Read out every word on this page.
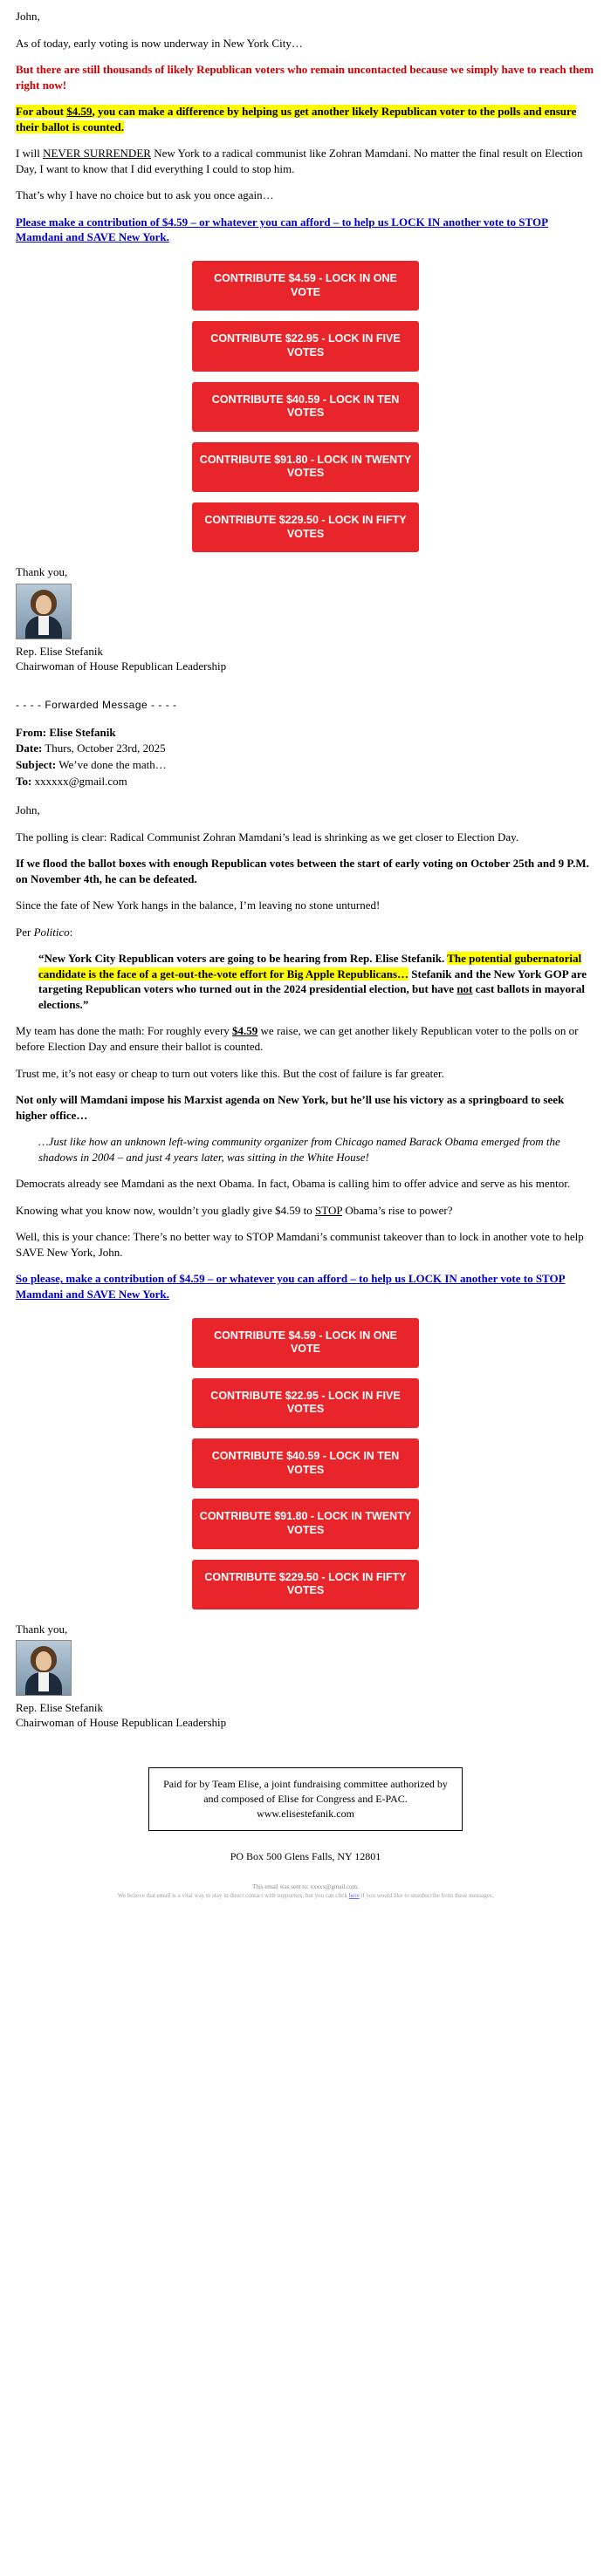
John,

As of today, early voting is now underway in New York City…

But there are still thousands of likely Republican voters who remain uncontacted because we simply have to reach them right now!

For about $4.59, you can make a difference by helping us get another likely Republican voter to the polls and ensure their ballot is counted.

I will NEVER SURRENDER New York to a radical communist like Zohran Mamdani. No matter the final result on Election Day, I want to know that I did everything I could to stop him.

That’s why I have no choice but to ask you once again…

Please make a contribution of $4.59 – or whatever you can afford – to help us LOCK IN another vote to STOP Mamdani and SAVE New York.

CONTRIBUTE $4.59 - LOCK IN ONE VOTE
CONTRIBUTE $22.95 - LOCK IN FIVE VOTES
CONTRIBUTE $40.59 - LOCK IN TEN VOTES
CONTRIBUTE $91.80 - LOCK IN TWENTY VOTES
CONTRIBUTE $229.50 - LOCK IN FIFTY VOTES

Thank you,

Rep. Elise Stefanik
Chairwoman of House Republican Leadership

- - - - Forwarded Message - - - -
From: Elise Stefanik
Date: Thurs, October 23rd, 2025
Subject: We’ve done the math…
To: xxxxxx@gmail.com

John,

The polling is clear: Radical Communist Zohran Mamdani’s lead is shrinking as we get closer to Election Day.

If we flood the ballot boxes with enough Republican votes between the start of early voting on October 25th and 9 P.M. on November 4th, he can be defeated.

Since the fate of New York hangs in the balance, I’m leaving no stone unturned!

Per Politico:

“New York City Republican voters are going to be hearing from Rep. Elise Stefanik. The potential gubernatorial candidate is the face of a get-out-the-vote effort for Big Apple Republicans… Stefanik and the New York GOP are targeting Republican voters who turned out in the 2024 presidential election, but have not cast ballots in mayoral elections.”

My team has done the math: For roughly every $4.59 we raise, we can get another likely Republican voter to the polls on or before Election Day and ensure their ballot is counted.

Trust me, it’s not easy or cheap to turn out voters like this. But the cost of failure is far greater.

Not only will Mamdani impose his Marxist agenda on New York, but he’ll use his victory as a springboard to seek higher office…

…Just like how an unknown left-wing community organizer from Chicago named Barack Obama emerged from the shadows in 2004 – and just 4 years later, was sitting in the White House!

Democrats already see Mamdani as the next Obama. In fact, Obama is calling him to offer advice and serve as his mentor.

Knowing what you know now, wouldn’t you gladly give $4.59 to STOP Obama’s rise to power?

Well, this is your chance: There’s no better way to STOP Mamdani’s communist takeover than to lock in another vote to help SAVE New York, John.

So please, make a contribution of $4.59 – or whatever you can afford – to help us LOCK IN another vote to STOP Mamdani and SAVE New York.

CONTRIBUTE $4.59 - LOCK IN ONE VOTE
CONTRIBUTE $22.95 - LOCK IN FIVE VOTES
CONTRIBUTE $40.59 - LOCK IN TEN VOTES
CONTRIBUTE $91.80 - LOCK IN TWENTY VOTES
CONTRIBUTE $229.50 - LOCK IN FIFTY VOTES

Thank you,

Rep. Elise Stefanik
Chairwoman of House Republican Leadership

Paid for by Team Elise, a joint fundraising committee authorized by and composed of Elise for Congress and E-PAC. www.elisestefanik.com
PO Box 500 Glens Falls, NY 12801
This email was sent to: xxxxx@gmail.com.
We believe that email is a vital way to stay in direct contact with supporters, but you can click here if you would like to unsubscribe from these messages.
